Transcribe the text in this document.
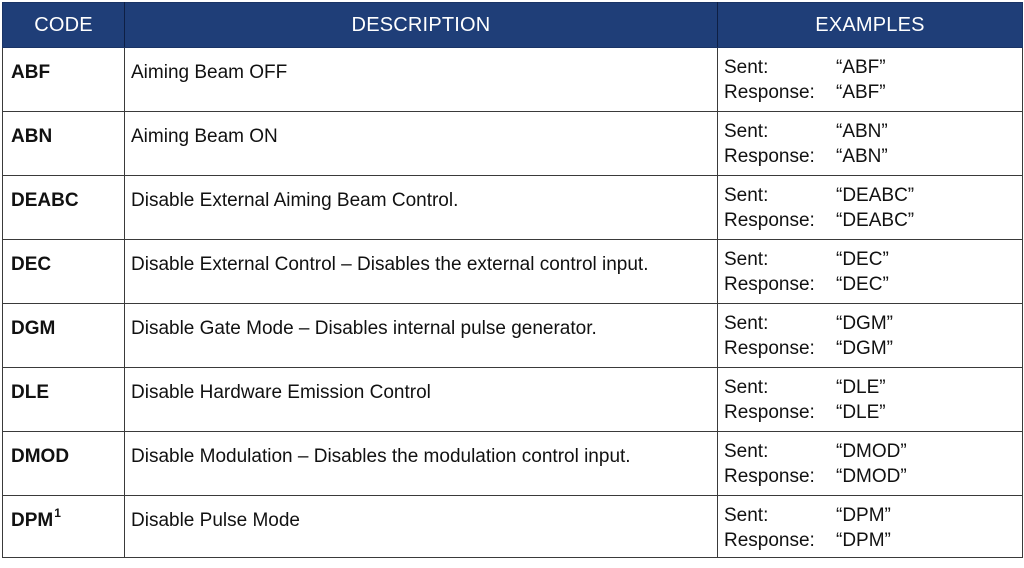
CODE	DESCRIPTION	EXAMPLES
ABF	Aiming Beam OFF	Sent: “ABF”
Response: “ABF”

ABN	Aiming Beam ON	Sent: “ABN”
Response: “ABN”

DEABC	Disable External Aiming Beam Control.	Sent: “DEABC”
Response: “DEABC”

DEC	Disable External Control – Disables the external control input.	Sent: “DEC”
Response: “DEC”

DGM	Disable Gate Mode – Disables internal pulse generator.	Sent: “DGM”
Response: “DGM”

DLE	Disable Hardware Emission Control	Sent: “DLE”
Response: “DLE”

DMOD	Disable Modulation – Disables the modulation control input.	Sent: “DMOD”
Response: “DMOD”

DPM$^1$	Disable Pulse Mode	Sent: “DPM”
Response: “DPM”
